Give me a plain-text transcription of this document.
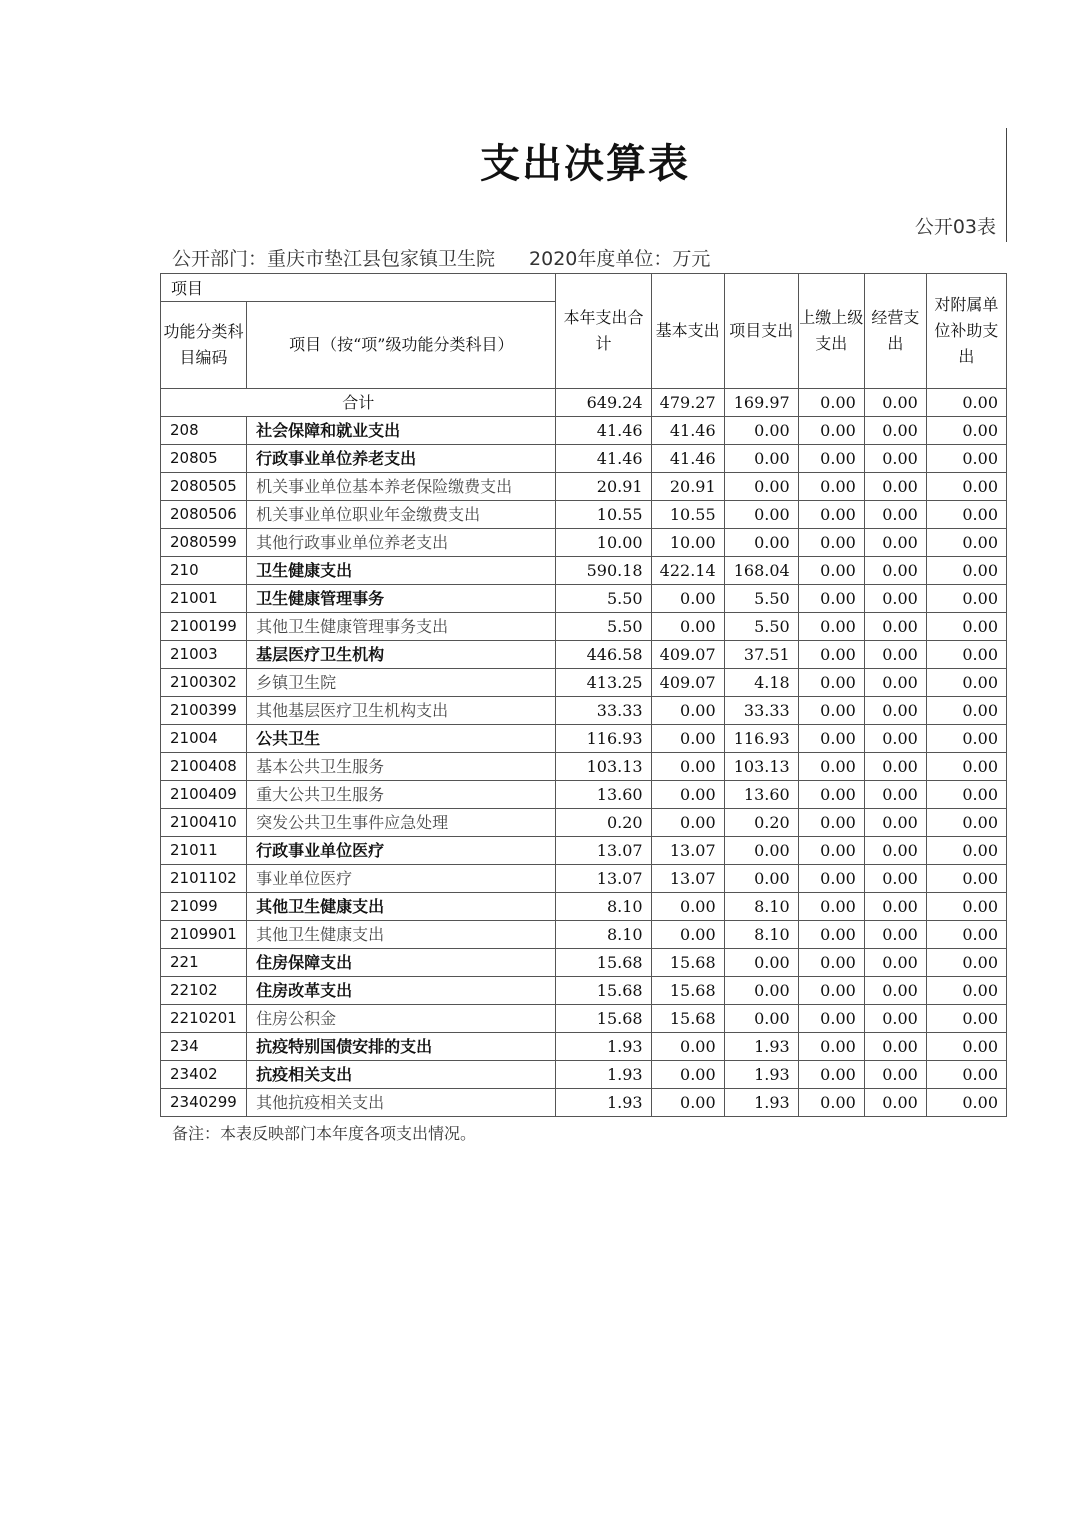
支出决算表
公开03表
公开部门：重庆市垫江县包家镇卫生院 2020年度单位：万元
项目		本年支出合计	基本支出	项目支出	上缴上级支出	经营支出	对附属单位补助支出
功能分类科目编码	项目（按“项”级功能分类科目）						
合计		649.24	479.27	169.97	0.00	0.00	0.00
208	社会保障和就业支出	41.46	41.46	0.00	0.00	0.00	0.00
20805	行政事业单位养老支出	41.46	41.46	0.00	0.00	0.00	0.00
2080505	机关事业单位基本养老保险缴费支出	20.91	20.91	0.00	0.00	0.00	0.00
2080506	机关事业单位职业年金缴费支出	10.55	10.55	0.00	0.00	0.00	0.00
2080599	其他行政事业单位养老支出	10.00	10.00	0.00	0.00	0.00	0.00
210	卫生健康支出	590.18	422.14	168.04	0.00	0.00	0.00
21001	卫生健康管理事务	5.50	0.00	5.50	0.00	0.00	0.00
2100199	其他卫生健康管理事务支出	5.50	0.00	5.50	0.00	0.00	0.00
21003	基层医疗卫生机构	446.58	409.07	37.51	0.00	0.00	0.00
2100302	乡镇卫生院	413.25	409.07	4.18	0.00	0.00	0.00
2100399	其他基层医疗卫生机构支出	33.33	0.00	33.33	0.00	0.00	0.00
21004	公共卫生	116.93	0.00	116.93	0.00	0.00	0.00
2100408	基本公共卫生服务	103.13	0.00	103.13	0.00	0.00	0.00
2100409	重大公共卫生服务	13.60	0.00	13.60	0.00	0.00	0.00
2100410	突发公共卫生事件应急处理	0.20	0.00	0.20	0.00	0.00	0.00
21011	行政事业单位医疗	13.07	13.07	0.00	0.00	0.00	0.00
2101102	事业单位医疗	13.07	13.07	0.00	0.00	0.00	0.00
21099	其他卫生健康支出	8.10	0.00	8.10	0.00	0.00	0.00
2109901	其他卫生健康支出	8.10	0.00	8.10	0.00	0.00	0.00
221	住房保障支出	15.68	15.68	0.00	0.00	0.00	0.00
22102	住房改革支出	15.68	15.68	0.00	0.00	0.00	0.00
2210201	住房公积金	15.68	15.68	0.00	0.00	0.00	0.00
234	抗疫特别国债安排的支出	1.93	0.00	1.93	0.00	0.00	0.00
23402	抗疫相关支出	1.93	0.00	1.93	0.00	0.00	0.00
2340299	其他抗疫相关支出	1.93	0.00	1.93	0.00	0.00	0.00
备注：本表反映部门本年度各项支出情况。
